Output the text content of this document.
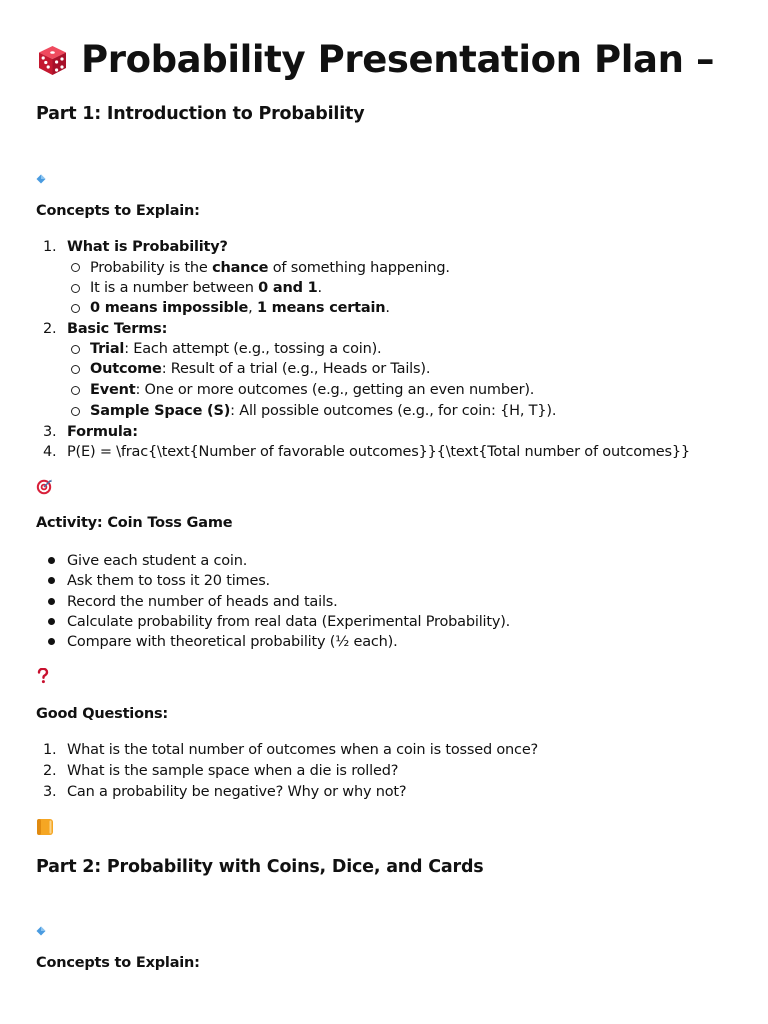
Probability Presentation Plan –
Part 1: Introduction to Probability
Concepts to Explain:
1. What is Probability?
Probability is the chance of something happening.
It is a number between 0 and 1.
0 means impossible, 1 means certain.
2. Basic Terms:
Trial: Each attempt (e.g., tossing a coin).
Outcome: Result of a trial (e.g., Heads or Tails).
Event: One or more outcomes (e.g., getting an even number).
Sample Space (S): All possible outcomes (e.g., for coin: {H, T}).
3. Formula:
4. P(E) = \frac{\text{Number of favorable outcomes}}{\text{Total number of outcomes}}
Activity: Coin Toss Game
Give each student a coin.
Ask them to toss it 20 times.
Record the number of heads and tails.
Calculate probability from real data (Experimental Probability).
Compare with theoretical probability (½ each).
Good Questions:
1. What is the total number of outcomes when a coin is tossed once?
2. What is the sample space when a die is rolled?
3. Can a probability be negative? Why or why not?
Part 2: Probability with Coins, Dice, and Cards
Concepts to Explain:
